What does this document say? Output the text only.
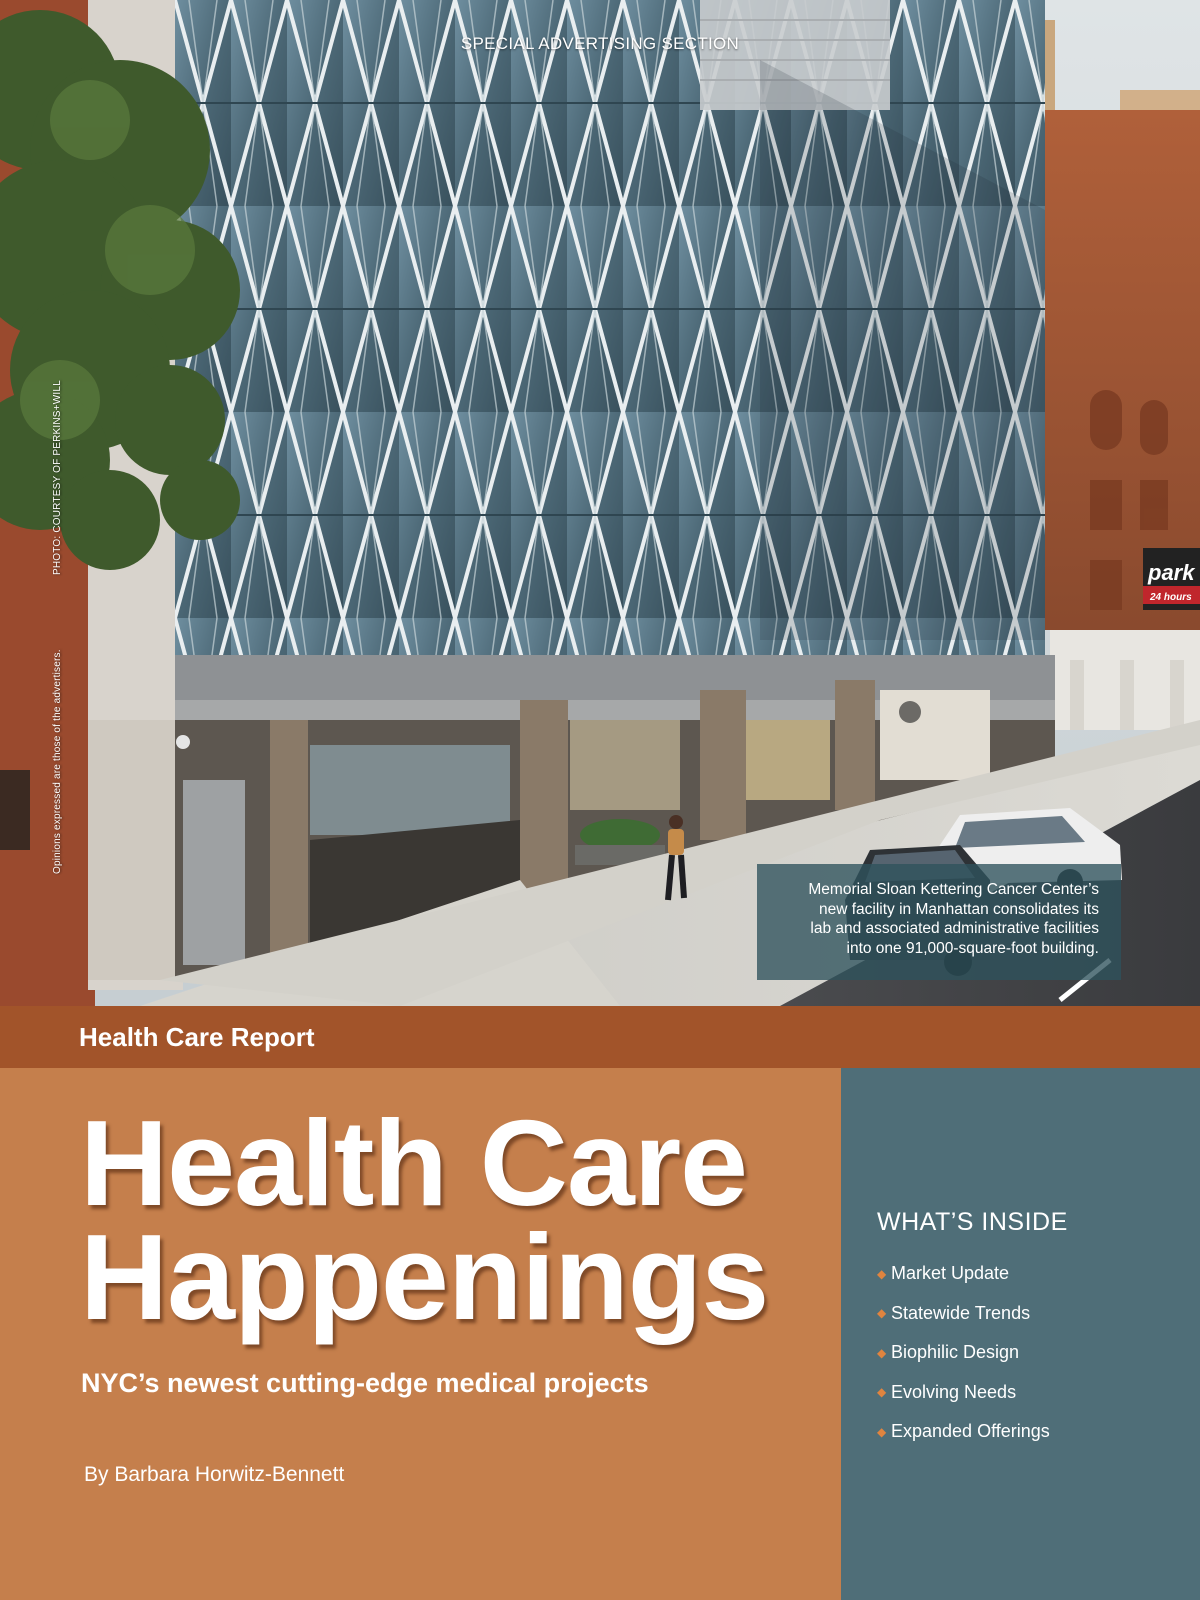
park
24 hours
SPECIAL ADVERTISING SECTION
PHOTO: COURTESY OF PERKINS+WILL
Opinions expressed are those of the advertisers.
Memorial Sloan Kettering Cancer Center’s
new facility in Manhattan consolidates its
lab and associated administrative facilities
into one 91,000-square-foot building.
Health Care Report
Health Care
Happenings
NYC’s newest cutting-edge medical projects
By Barbara Horwitz-Bennett
WHAT’S INSIDE
◆ Market Update
◆ Statewide Trends
◆ Biophilic Design
◆ Evolving Needs
◆ Expanded Offerings
